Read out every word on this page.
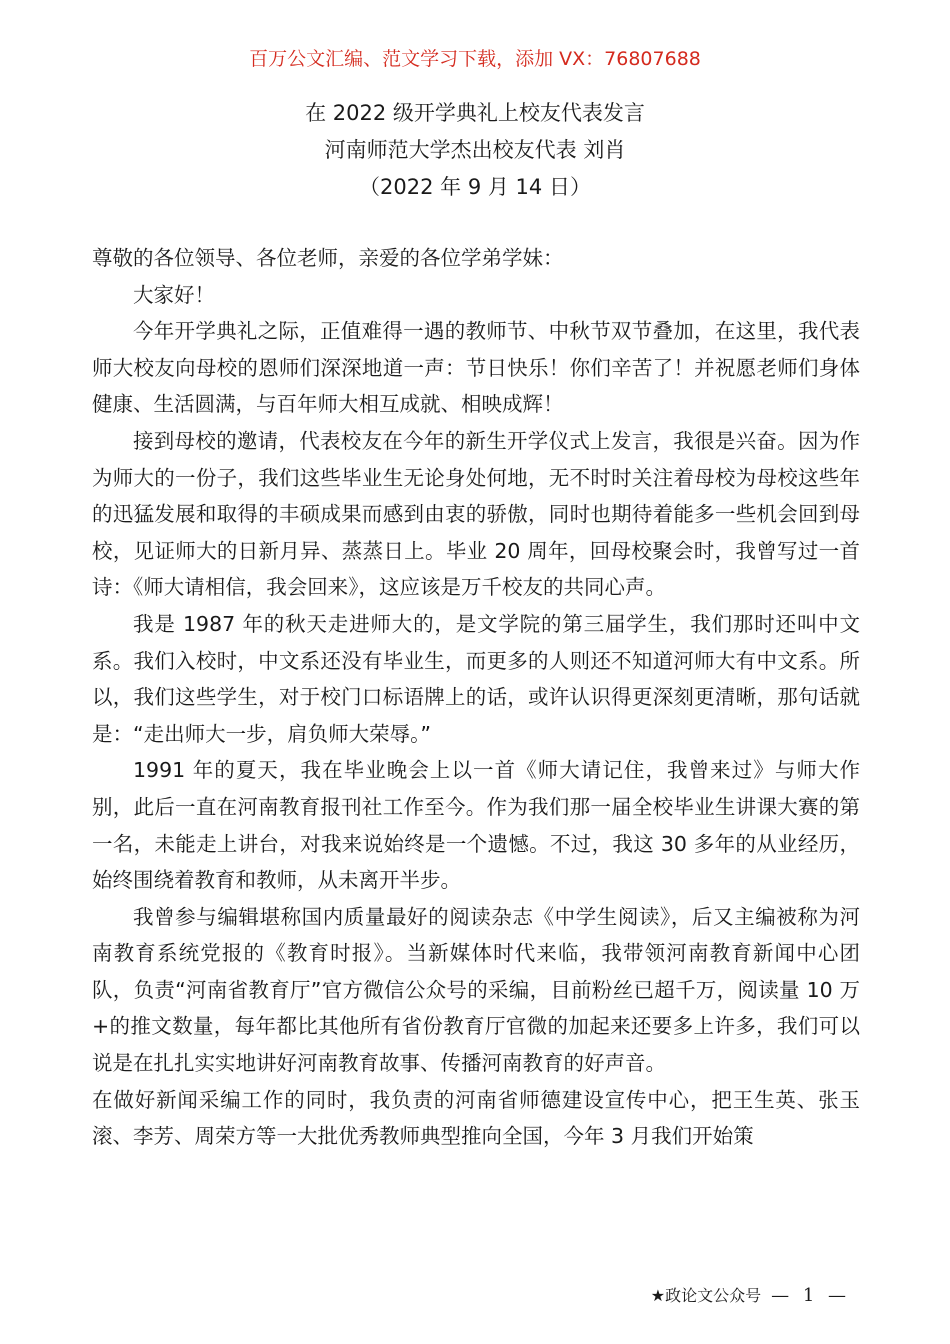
百万公文汇编、范文学习下载，添加 VX：76807688
在 2022 级开学典礼上校友代表发言
河南师范大学杰出校友代表 刘肖
（2022 年 9 月 14 日）

尊敬的各位领导、各位老师，亲爱的各位学弟学妹：

大家好！

今年开学典礼之际，正值难得一遇的教师节、中秋节双节叠加，在这里，我代表师大校友向母校的恩师们深深地道一声：节日快乐！你们辛苦了！并祝愿老师们身体健康、生活圆满，与百年师大相互成就、相映成辉！

接到母校的邀请，代表校友在今年的新生开学仪式上发言，我很是兴奋。因为作为师大的一份子，我们这些毕业生无论身处何地，无不时时关注着母校为母校这些年的迅猛发展和取得的丰硕成果而感到由衷的骄傲，同时也期待着能多一些机会回到母校，见证师大的日新月异、蒸蒸日上。毕业 20 周年，回母校聚会时，我曾写过一首诗：《师大请相信，我会回来》，这应该是万千校友的共同心声。

我是 1987 年的秋天走进师大的，是文学院的第三届学生，我们那时还叫中文系。我们入校时，中文系还没有毕业生，而更多的人则还不知道河师大有中文系。所以，我们这些学生，对于校门口标语牌上的话，或许认识得更深刻更清晰，那句话就是：“走出师大一步，肩负师大荣辱。”

1991 年的夏天，我在毕业晚会上以一首《师大请记住，我曾来过》与师大作别，此后一直在河南教育报刊社工作至今。作为我们那一届全校毕业生讲课大赛的第一名，未能走上讲台，对我来说始终是一个遗憾。不过，我这 30 多年的从业经历，始终围绕着教育和教师，从未离开半步。

我曾参与编辑堪称国内质量最好的阅读杂志《中学生阅读》，后又主编被称为河南教育系统党报的《教育时报》。当新媒体时代来临，我带领河南教育新闻中心团队，负责“河南省教育厅”官方微信公众号的采编，目前粉丝已超千万，阅读量 10 万+的推文数量，每年都比其他所有省份教育厅官微的加起来还要多上许多，我们可以说是在扎扎实实地讲好河南教育故事、传播河南教育的好声音。

在做好新闻采编工作的同时，我负责的河南省师德建设宣传中心，把王生英、张玉滚、李芳、周荣方等一大批优秀教师典型推向全国，今年 3 月我们开始策

★政论文公众号 — 1 —
